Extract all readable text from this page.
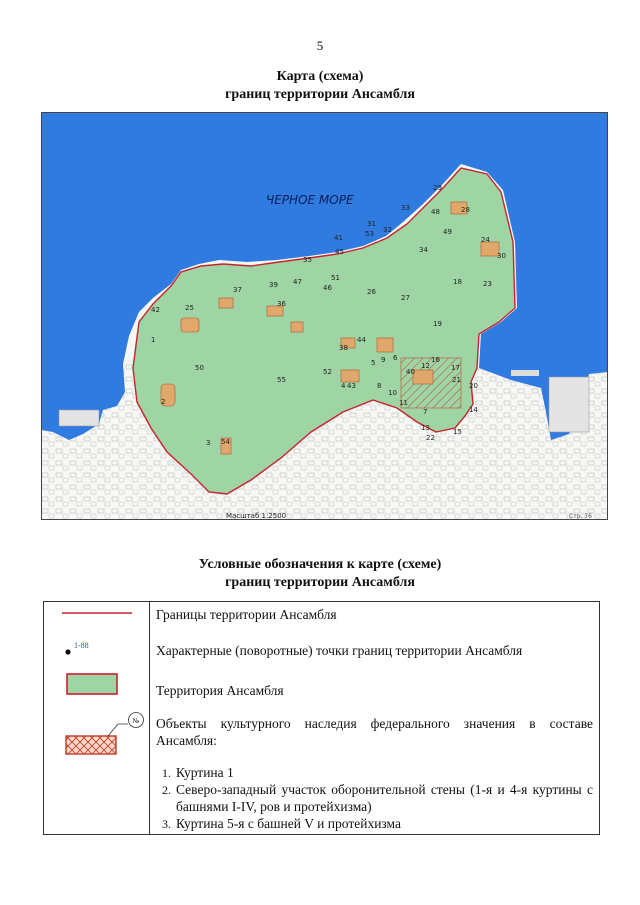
5
Карта (схема)
границ территории Ансамбля
ЧЕРНОЕ МОРЕ
1
2
3
4
5
6
7
8
9
10
11
12
13
14
15
16
17
18
19
20
21
22
23
24
25
26
27
28
29
30
31
32
33
34
35
36
37
38
39
40
41
42
43
44
45
46
47
48
49
50
51
52
53
54
55
Масштаб 1:2500	Стр. 76
Условные обозначения к карте (схеме)
границ территории Ансамбля
1-88
№

Границы территории Ансамбля
Характерные (поворотные) точки границ территории Ансамбля
Территория Ансамбля
Объекты культурного наследия федерального значения в составе Ансамбля:
1. Куртина 1
2. Северо-западный участок оборонительной стены (1-я и 4-я куртины с башнями I-IV, ров и протейхизма)
3. Куртина 5-я с башней V и протейхизма
